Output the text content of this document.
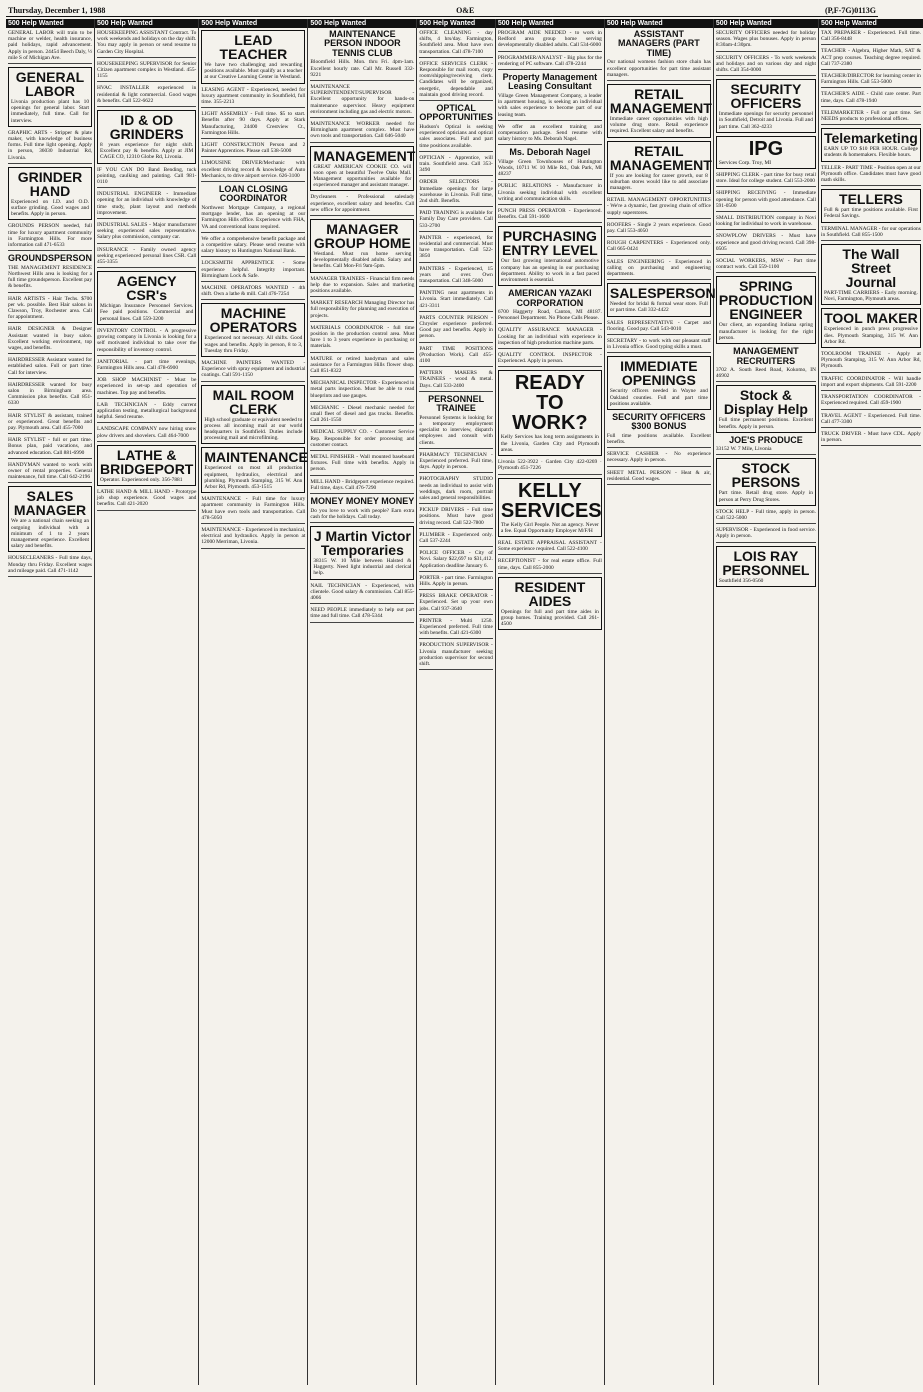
Thursday, December 1, 1988	O&E	(P,F-7G)0113G
500 Help Wanted

GENERAL LABOR will train to be machine or welder, health insurance, paid holidays, rapid advancement. Apply in person. 24454 Beech Daly, ½ mile S of Michigan Ave.

GENERAL LABOR

Livonia production plant has 10 openings for general labor. Start immediately, full time. Call for interview.

GRAPHIC ARTS - Stripper & plate maker, with knowledge of business forms. Full time light opening. Apply in person, 36030 Industrial Rd, Livonia.

GRINDER HAND

Experienced on I.D. and O.D. surface grinding. Good wages and benefits. Apply in person.

GROUNDS PERSON needed, full time for luxury apartment community in Farmington Hills. For more information call 471-6533

GROUNDSPERSON

THE MANAGEMENT RESIDENCE Northwest Hills area is looking for a full time groundsperson. Excellent pay & benefits.

HAIR ARTISTS - Hair Techs. $700 per wk. possible. Best Hair salons in Clawson, Troy, Rochester area. Call for appointment.

HAIR DESIGNER & Designer Assistant wanted in busy salon. Excellent working environment, top wages, and benefits.

HAIRDRESSER Assistant wanted for established salon. Full or part time. Call for interview.

HAIRDRESSER wanted for busy salon in Birmingham area. Commission plus benefits. Call 851-6330

HAIR STYLIST & assistant, trained or experienced. Great benefits and pay. Plymouth area. Call 455-7000

HAIR STYLIST - full or part time. Bonus plan, paid vacations, and advanced education. Call 881-6990

HANDYMAN wanted to work with owner of rental properties. General maintenance, full time. Call 642-2196

SALES MANAGER

We are a national chain seeking an outgoing individual with a minimum of 1 to 2 years management experience. Excellent salary and benefits.

HOUSECLEANERS - Full time days, Monday thru Friday. Excellent wages and mileage paid. Call 471-1142

500 Help Wanted

HOUSEKEEPING ASSISTANT Contract. To work weekends and holidays on the day shift. You may apply in person or send resume to Garden City Hospital.

HOUSEKEEPING SUPERVISOR for Senior Citizen apartment complex in Westland. 455-1155

HVAC INSTALLER experienced in residential & light commercial. Good wages & benefits. Call 522-6622

ID & OD GRINDERS

8 years experience for night shift. Excellent pay & benefits. Apply at JIM CAGE CO, 12310 Globe Rd, Livonia.

IF YOU CAN DO Band Bending, tuck pointing, caulking and painting. Call 981-0110

INDUSTRIAL ENGINEER - Immediate opening for an individual with knowledge of time study, plant layout and methods improvement.

INDUSTRIAL SALES - Major manufacturer seeking experienced sales representative. Salary plus commission, company car.

INSURANCE - Family owned agency seeking experienced personal lines CSR. Call 455-3355

AGENCY CSR's

Michigan Insurance Personnel Services. Fee paid positions. Commercial and personal lines. Call 559-3200

INVENTORY CONTROL - A progressive growing company in Livonia is looking for a self motivated individual to take over the responsibility of inventory control.

JANITORIAL - part time evenings, Farmington Hills area. Call 478-6900

JOB SHOP MACHINIST - Must be experienced in set-up and operation of machines. Top pay and benefits.

LAB TECHNICIAN - Eddy current application testing, metallurgical background helpful. Send resume.

LANDSCAPE COMPANY now hiring snow plow drivers and shovelers. Call 464-7000

LATHE & BRIDGEPORT

Operator. Experienced only. 356-7881

LATHE HAND & MILL HAND - Prototype job shop experience. Good wages and benefits. Call 421-2020

500 Help Wanted
LEAD TEACHER

We have two challenging and rewarding positions available. Must qualify as a teacher at our Creative Learning Center in Westland.

LEASING AGENT - Experienced, needed for luxury apartment community in Southfield, full time. 355-2213

LIGHT ASSEMBLY - Full time. $5 to start. Benefits after 90 days. Apply at Stark Manufacturing, 24400 Crestview Ct., Farmington Hills.

LIGHT CONSTRUCTION Person and 2 Painter Apprentices. Please call 538-5000

LIMOUSINE DRIVER/Mechanic with excellent driving record & knowledge of Auto Mechanics, to drive airport service. 626-3100

LOAN CLOSING COORDINATOR

Northwest Mortgage Company, a regional mortgage lender, has an opening at our Farmington Hills office. Experience with FHA, VA and conventional loans required.

We offer a comprehensive benefit package and a competitive salary. Please send resume with salary history to Huntington National Bank.

LOCKSMITH APPRENTICE - Some experience helpful. Integrity important. Birmingham Lock & Safe.

MACHINE OPERATORS WANTED - 4th shift. Own a lathe & mill. Call 476-7254

MACHINE OPERATORS

Experienced not necessary. All shifts. Good wages and benefits. Apply in person, 8 to 3, Tuesday thru Friday.

MACHINE PAINTERS WANTED - Experience with spray equipment and industrial coatings. Call 591-1150

MAIL ROOM CLERK

High school graduate or equivalent needed to process all incoming mail at our world headquarters in Southfield. Duties include processing mail and microfilming.

MAINTENANCE

Experienced on most all production equipment, hydraulics, electrical and plumbing. Plymouth Stamping, 315 W. Ann Arbor Rd, Plymouth. 453-1515

MAINTENANCE - Full time for luxury apartment community in Farmington Hills. Must have own tools and transportation. Call 478-5050

MAINTENANCE - Experienced in mechanical, electrical and hydraulics. Apply in person at 12000 Merriman, Livonia.

500 Help Wanted
MAINTENANCE PERSON INDOOR TENNIS CLUB

Bloomfield Hills. Mon. thru Fri. 4pm-1am. Excellent hourly rate. Call Mr. Russell 332-9221

MAINTENANCE SUPERINTENDENT/SUPERVISOR - Excellent opportunity for hands-on maintenance supervisor. Heavy equipment environment including gas and electric motors.

MAINTENANCE WORKER needed for Birmingham apartment complex. Must have own tools and transportation. Call 646-5040

MANAGEMENT

GREAT AMERICAN COOKIE CO. will soon open at beautiful Twelve Oaks Mall. Management opportunities available for experienced manager and assistant manager.

Drycleaners - Professional saleslady experience, excellent salary and benefits. Call new office for appointment.

MANAGER GROUP HOME

Westland. Must run home serving developmentally disabled adults. Salary and benefits. Call Mon-Fri 9am-5pm.

MANAGER TRAINEES - Financial firm needs help due to expansion. Sales and marketing positions available.

MARKET RESEARCH Managing Director has full responsibility for planning and execution of projects.

MATERIALS COORDINATOR - full time position in the production control area. Must have 1 to 3 years experience in purchasing or materials.

MATURE or retired handyman and sales assistance for a Farmington Hills flower shop. Call 851-8322

MECHANICAL INSPECTOR - Experienced in metal parts inspection. Must be able to read blueprints and use gauges.

MECHANIC - Diesel mechanic needed for small fleet of diesel and gas trucks. Benefits. Call 261-1550

MEDICAL SUPPLY CO. - Customer Service Rep. Responsible for order processing and customer contact.

METAL FINISHER - Wall mounted baseboard fixtures. Full time with benefits. Apply in person.

MILL HAND - Bridgeport experience required. Full time, days. Call 476-7290

MONEY MONEY MONEY

Do you love to work with people? Earn extra cash for the holidays. Call today.

J Martin Victor Temporaries

38315 W. 10 Mile between Halsted & Haggerty. Need light industrial and clerical help.

NAIL TECHNICIAN - Experienced, with clientele. Good salary & commission. Call 855-4066

NEED PEOPLE immediately to help out part time and full time. Call 478-5344

500 Help Wanted

OFFICE CLEANING - day shifts, 4 hrs/day. Farmington, Southfield area. Must have own transportation. Call 478-7100

OFFICE SERVICES CLERK - Responsible for mail room, copy room/shipping/receiving clerk. Candidates will be organized, energetic, dependable and maintain good driving record.

OPTICAL OPPORTUNITIES

Hudson's Optical is seeking experienced opticians and optical sales associates. Full and part time positions available.

OPTICIAN - Apprentice, will train. Southfield area. Call 353-3490

ORDER SELECTORS - Immediate openings for large warehouse in Livonia. Full time, 2nd shift. Benefits.

PAID TRAINING is available for Family Day Care providers. Call 533-2700

PAINTER - experienced, for residential and commercial. Must have transportation. Call 522-3850

PAINTERS - Experienced, 15 years and over. Own transportation. Call 348-5000

PAINTING neat apartments in Livonia. Start immediately. Call 421-3311

PARTS COUNTER PERSON - Chrysler experience preferred. Good pay and benefits. Apply in person.

PART TIME POSITIONS (Production Work). Call 455-4100

PATTERN MAKERS & TRAINEES - wood & metal. Days. Call 533-2400

PERSONNEL TRAINEE

Personnel Systems is looking for a temporary employment specialist to interview, dispatch employees and consult with clients.

PHARMACY TECHNICIAN - Experienced preferred. Full time, days. Apply in person.

PHOTOGRAPHY STUDIO needs an individual to assist with weddings, dark room, portrait sales and general responsibilities.

PICKUP DRIVERS - Full time positions. Must have good driving record. Call 522-7800

PLUMBER - Experienced only. Call 537-2244

POLICE OFFICER - City of Novi. Salary $22,697 to $31,412. Application deadline January 6.

PORTER - part time. Farmington Hills. Apply in person.

PRESS BRAKE OPERATOR - Experienced. Set up your own jobs. Call 937-3640

PRINTER - Multi 1250. Experienced preferred. Full time with benefits. Call 421-6300

PRODUCTION SUPERVISOR - Livonia manufacturer seeking production supervisor for second shift.

500 Help Wanted

PROGRAM AIDE NEEDED - to work in Redford area group home serving developmentally disabled adults. Call 534-6000

PROGRAMMER/ANALYST - Big plus for the rendering of PC software. Call 478-2244

Property Management Leasing Consultant

Village Green Management Company, a leader in apartment housing, is seeking an individual with sales experience to become part of our leasing team.

We offer an excellent training and compensation package. Send resume with salary history to Ms. Deborah Nagel.

Ms. Deborah Nagel

Village Green Townhouses of Huntington Woods, 10711 W. 10 Mile Rd., Oak Park, MI 48237

PUBLIC RELATIONS - Manufacturer in Livonia seeking individual with excellent writing and communication skills.

PUNCH PRESS OPERATOR - Experienced. Benefits. Call 591-1600

PURCHASING ENTRY LEVEL

Our fast growing international automotive company has an opening in our purchasing department. Ability to work in a fast paced environment is essential.

AMERICAN YAZAKI CORPORATION

6700 Haggerty Road, Canton, MI 48187. Personnel Department. No Phone Calls Please.

QUALITY ASSURANCE MANAGER - Looking for an individual with experience in inspection of high production machine parts.

QUALITY CONTROL INSPECTOR - Experienced. Apply in person.

READY TO WORK?

Kelly Services has long term assignments in the Livonia, Garden City and Plymouth areas.

Livonia 522-3922 · Garden City 422-0269 · Plymouth 451-7226

KELLY SERVICES

The Kelly Girl People. Not an agency. Never a fee. Equal Opportunity Employer M/F/H

REAL ESTATE APPRAISAL ASSISTANT - Some experience required. Call 522-4100

RECEPTIONIST - for real estate office. Full time, days. Call 855-2000

RESIDENT AIDES

Openings for full and part time aides in group homes. Training provided. Call 261-4500

500 Help Wanted
ASSISTANT MANAGERS (PART TIME)

Our national womens fashion store chain has excellent opportunities for part time assistant managers.

RETAIL MANAGEMENT

Immediate career opportunities with high volume drug store. Retail experience required. Excellent salary and benefits.

RETAIL MANAGEMENT

If you are looking for career growth, our 8 suburban stores would like to add associate managers.

RETAIL MANAGEMENT OPPORTUNITIES - We're a dynamic, fast growing chain of office supply superstores.

ROOFERS - Single 2 years experience. Good pay. Call 553-4050

ROUGH CARPENTERS - Experienced only. Call 665-0424

SALES ENGINEERING - Experienced in calling on purchasing and engineering departments.

SALESPERSON

Needed for bridal & formal wear store. Full or part time. Call 332-4422

SALES REPRESENTATIVE - Carpet and flooring. Good pay. Call 543-0010

SECRETARY - to work with our pleasant staff in Livonia office. Good typing skills a must.

IMMEDIATE OPENINGS

Security officers needed in Wayne and Oakland counties. Full and part time positions available.

SECURITY OFFICERS $300 BONUS

Full time positions available. Excellent benefits.

SERVICE CASHIER - No experience necessary. Apply in person.

SHEET METAL PERSON - Heat & air, residential. Good wages.

500 Help Wanted

SECURITY OFFICERS needed for holiday season. Wages plus bonuses. Apply in person 8:30am-4:30pm.

SECURITY OFFICERS - To work weekends and holidays and on various day and night shifts. Call 354-0000

SECURITY OFFICERS

Immediate openings for security personnel in Southfield, Detroit and Livonia. Full and part time. Call 362-4233

IPG

Services Corp. Troy, MI

SHIPPING CLERK - part time for busy retail store. Ideal for college student. Call 553-2000

SHIPPING RECEIVING - Immediate opening for person with good attendance. Call 591-0500

SMALL DISTRIBUTION company in Novi looking for individual to work in warehouse.

SNOWPLOW DRIVERS - Must have experience and good driving record. Call 398-0505

SOCIAL WORKERS, MSW - Part time contract work. Call 559-1100

SPRING PRODUCTION ENGINEER

Our client, an expanding Indiana spring manufacturer is looking for the right person.

MANAGEMENT RECRUITERS

3702 A. South Reed Road, Kokomo, IN 46902

Stock & Display Help

Full time permanent positions. Excellent benefits. Apply in person.

JOE'S PRODUCE

33152 W. 7 Mile, Livonia

STOCK PERSONS

Part time. Retail drug store. Apply in person at Perry Drug Stores.

STOCK HELP - Full time, apply in person. Call 522-5000

SUPERVISOR - Experienced in food service. Apply in person.

LOIS RAY PERSONNEL

Southfield 356-0560

500 Help Wanted

TAX PREPARER - Experienced. Full time. Call 356-8448

TEACHER - Algebra, Higher Math, SAT & ACT prep courses. Teaching degree required. Call 737-2380

TEACHER/DIRECTOR for learning center in Farmington Hills. Call 553-5000

TEACHER'S AIDE - Child care center. Part time, days. Call 478-1940

TELEMARKETER - Full or part time. Set NEEDS products to professional offices.

Telemarketing

EARN UP TO $10 PER HOUR. College students & homemakers. Flexible hours.

TELLER - PART TIME - Position open at our Plymouth office. Candidates must have good math skills.

TELLERS

Full & part time positions available. First Federal Savings.

TERMINAL MANAGER - for our operations in Southfield. Call 855-1500

The Wall Street Journal

PART-TIME CARRIERS - Early morning. Novi, Farmington, Plymouth areas.

TOOL MAKER

Experienced in punch press progressive dies. Plymouth Stamping, 315 W. Ann Arbor Rd.

TOOLROOM TRAINEE - Apply at Plymouth Stamping, 315 W. Ann Arbor Rd, Plymouth.

TRAFFIC COORDINATOR - Will handle import and export shipments. Call 591-2200

TRANSPORTATION COORDINATOR - Experienced required. Call 459-1900

TRAVEL AGENT - Experienced. Full time. Call 477-3300

TRUCK DRIVER - Must have CDL. Apply in person.
